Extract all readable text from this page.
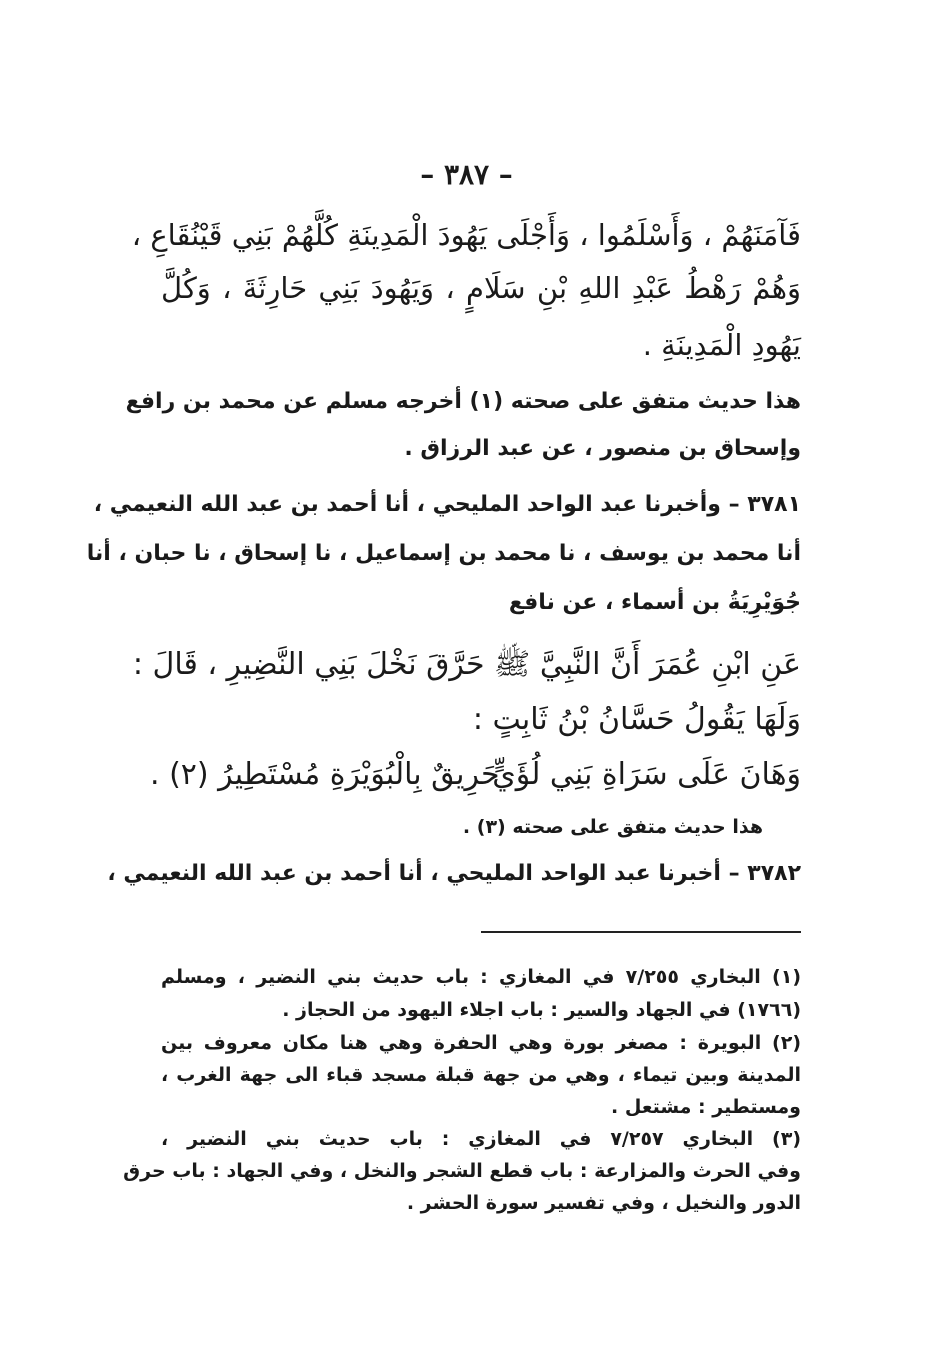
– ٣٨٧ –
فَآمَنَهُمْ ، وَأَسْلَمُوا ، وَأَجْلَى يَهُودَ الْمَدِينَةِ كُلَّهُمْ بَنِي قَيْنُقَاعِ ،
وَهُمْ رَهْطُ عَبْدِ اللهِ بْنِ سَلَامٍ ، وَيَهُودَ بَنِي حَارِثَةَ ، وَكُلَّ
يَهُودِ الْمَدِينَةِ .
هذا حديث متفق على صحته (١) أخرجه مسلم عن محمد بن رافع
وإسحاق بن منصور ، عن عبد الرزاق .
٣٧٨١ – وأخبرنا عبد الواحد المليحي ، أنا أحمد بن عبد الله النعيمي ،
أنا محمد بن يوسف ، نا محمد بن إسماعيل ، نا إسحاق ، نا حبان ، أنا
جُوَيْرِيَةُ بن أسماء ، عن نافع
عَنِ ابْنِ عُمَرَ أَنَّ النَّبِيَّ ﷺ حَرَّقَ نَخْلَ بَنِي النَّضِيرِ ، قَالَ :
وَلَهَا يَقُولُ حَسَّانُ بْنُ ثَابِتٍ :
وَهَانَ عَلَى سَرَاةِ بَنِي لُؤَيٍّ
حَرِيقٌ بِالْبُوَيْرَةِ مُسْتَطِيرُ (٢) .
هذا حديث متفق على صحته (٣) .
٣٧٨٢ – أخبرنا عبد الواحد المليحي ، أنا أحمد بن عبد الله النعيمي ،
(١) البخاري ٧/٢٥٥ في المغازي : باب حديث بني النضير ، ومسلم
(١٧٦٦) في الجهاد والسير : باب اجلاء اليهود من الحجاز .
(٢) البويرة : مصغر بورة وهي الحفرة وهي هنا مكان معروف بين
المدينة وبين تيماء ، وهي من جهة قبلة مسجد قباء الى جهة الغرب ،
ومستطير : مشتعل .
(٣) البخاري ٧/٢٥٧ في المغازي : باب حديث بني النضير ،
وفي الحرث والمزارعة : باب قطع الشجر والنخل ، وفي الجهاد : باب حرق
الدور والنخيل ، وفي تفسير سورة الحشر .
